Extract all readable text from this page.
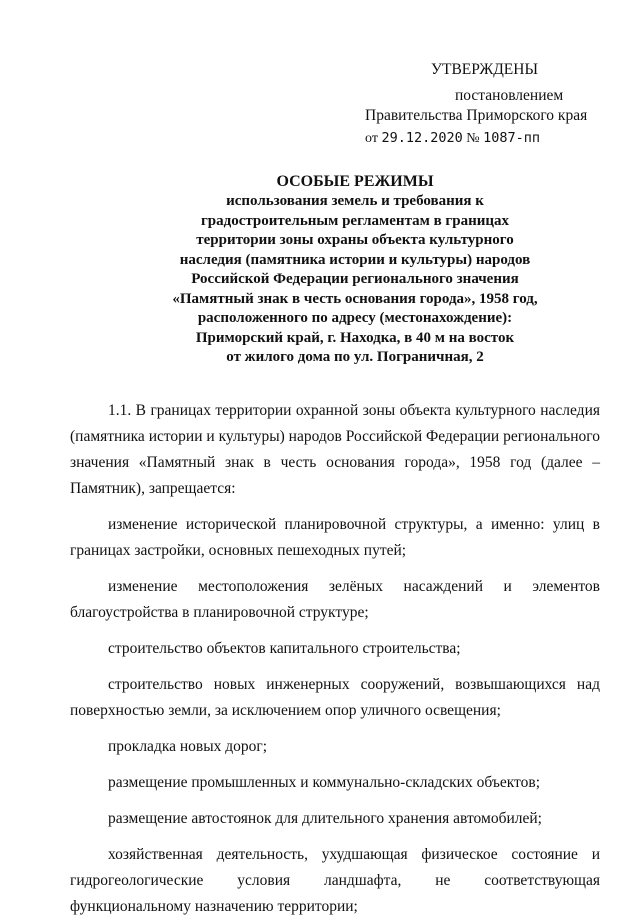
УТВЕРЖДЕНЫ
постановлением
Правительства Приморского края
от 29.12.2020 № 1087-пп

ОСОБЫЕ РЕЖИМЫ

использования земель и требования к

градостроительным регламентам в границах

территории зоны охраны объекта культурного

наследия (памятника истории и культуры) народов

Российской Федерации регионального значения

«Памятный знак в честь основания города», 1958 год,

расположенного по адресу (местонахождение):

Приморский край, г. Находка, в 40 м на восток

от жилого дома по ул. Пограничная, 2

1.1. В границах территории охранной зоны объекта культурного наследия (памятника истории и культуры) народов Российской Федерации регионального значения «Памятный знак в честь основания города», 1958 год (далее – Памятник), запрещается:

изменение исторической планировочной структуры, а именно: улиц в границах застройки, основных пешеходных путей;

изменение местоположения зелёных насаждений и элементов благоустройства в планировочной структуре;

строительство объектов капитального строительства;

строительство новых инженерных сооружений, возвышающихся над поверхностью земли, за исключением опор уличного освещения;

прокладка новых дорог;

размещение промышленных и коммунально-складских объектов;

размещение автостоянок для длительного хранения автомобилей;

хозяйственная деятельность, ухудшающая физическое состояние и гидрогеологические условия ландшафта, не соответствующая функциональному назначению территории;
